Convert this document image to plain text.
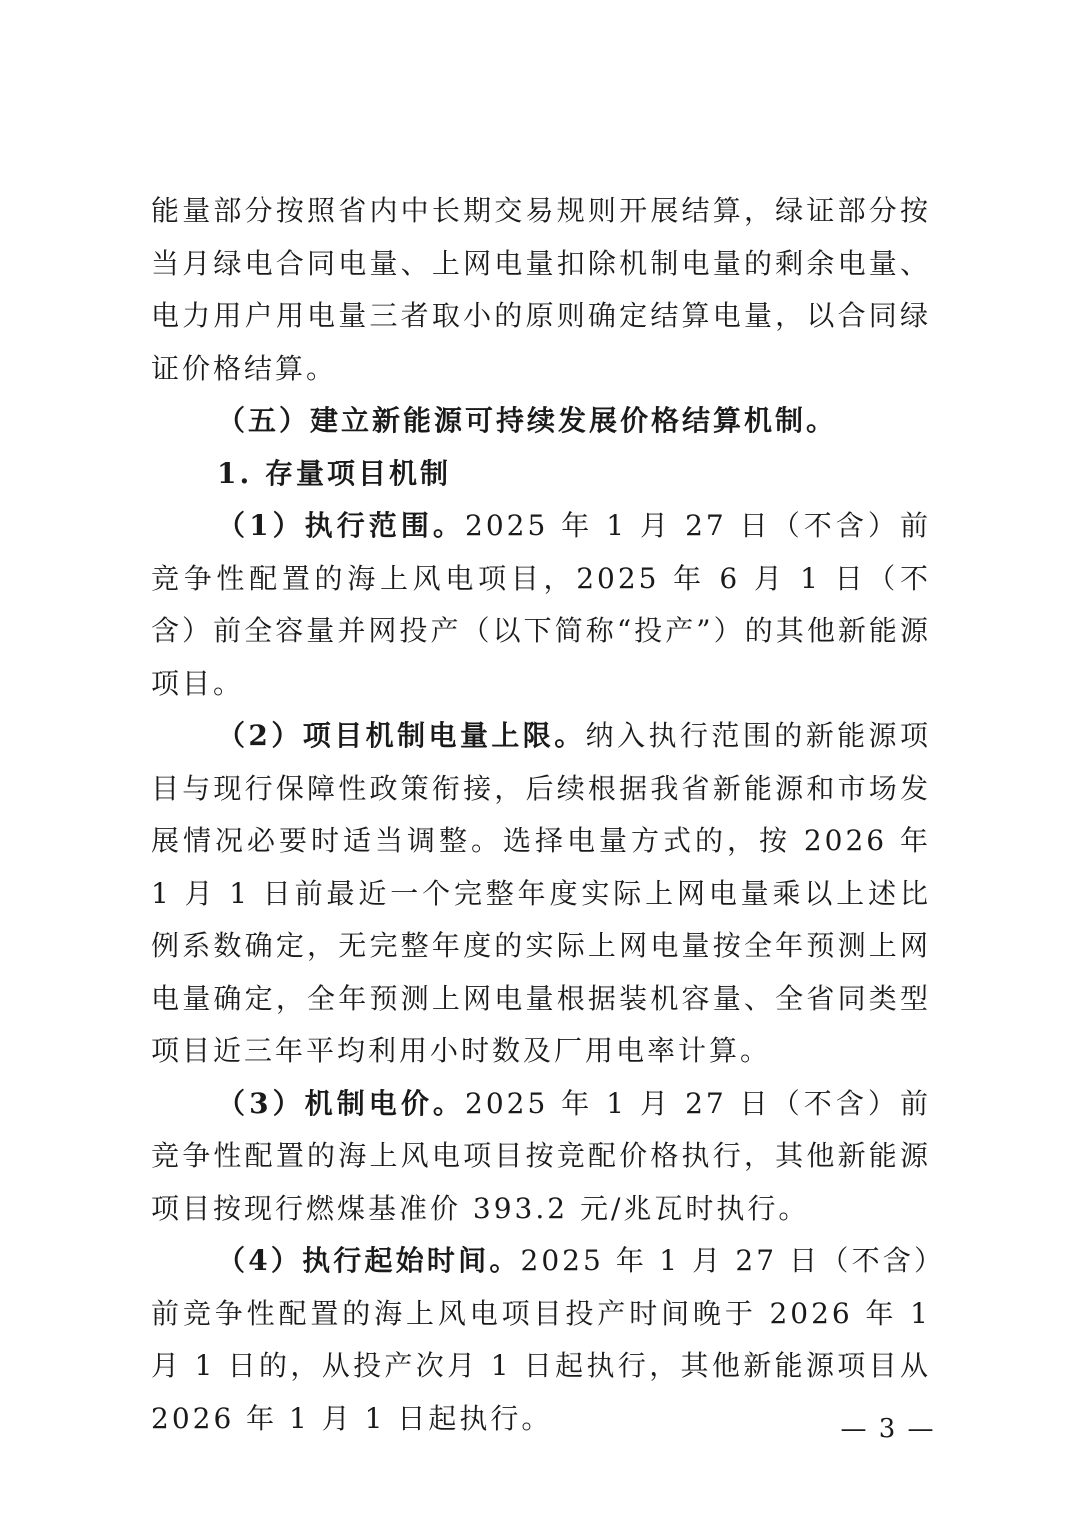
能量部分按照省内中长期交易规则开展结算，绿证部分按当月绿电合同电量、上网电量扣除机制电量的剩余电量、电力用户用电量三者取小的原则确定结算电量，以合同绿证价格结算。

（五）建立新能源可持续发展价格结算机制。

1. 存量项目机制

（1）执行范围。2025 年 1 月 27 日（不含）前竞争性配置的海上风电项目，2025 年 6 月 1 日（不含）前全容量并网投产（以下简称“投产”）的其他新能源项目。

（2）项目机制电量上限。纳入执行范围的新能源项目与现行保障性政策衔接，后续根据我省新能源和市场发展情况必要时适当调整。选择电量方式的，按 2026 年 1 月 1 日前最近一个完整年度实际上网电量乘以上述比例系数确定，无完整年度的实际上网电量按全年预测上网电量确定，全年预测上网电量根据装机容量、全省同类型项目近三年平均利用小时数及厂用电率计算。

（3）机制电价。2025 年 1 月 27 日（不含）前竞争性配置的海上风电项目按竞配价格执行，其他新能源项目按现行燃煤基准价 393.2 元/兆瓦时执行。

（4）执行起始时间。2025 年 1 月 27 日（不含）前竞争性配置的海上风电项目投产时间晚于 2026 年 1 月 1 日的，从投产次月 1 日起执行，其他新能源项目从 2026 年 1 月 1 日起执行。	— 3 —
